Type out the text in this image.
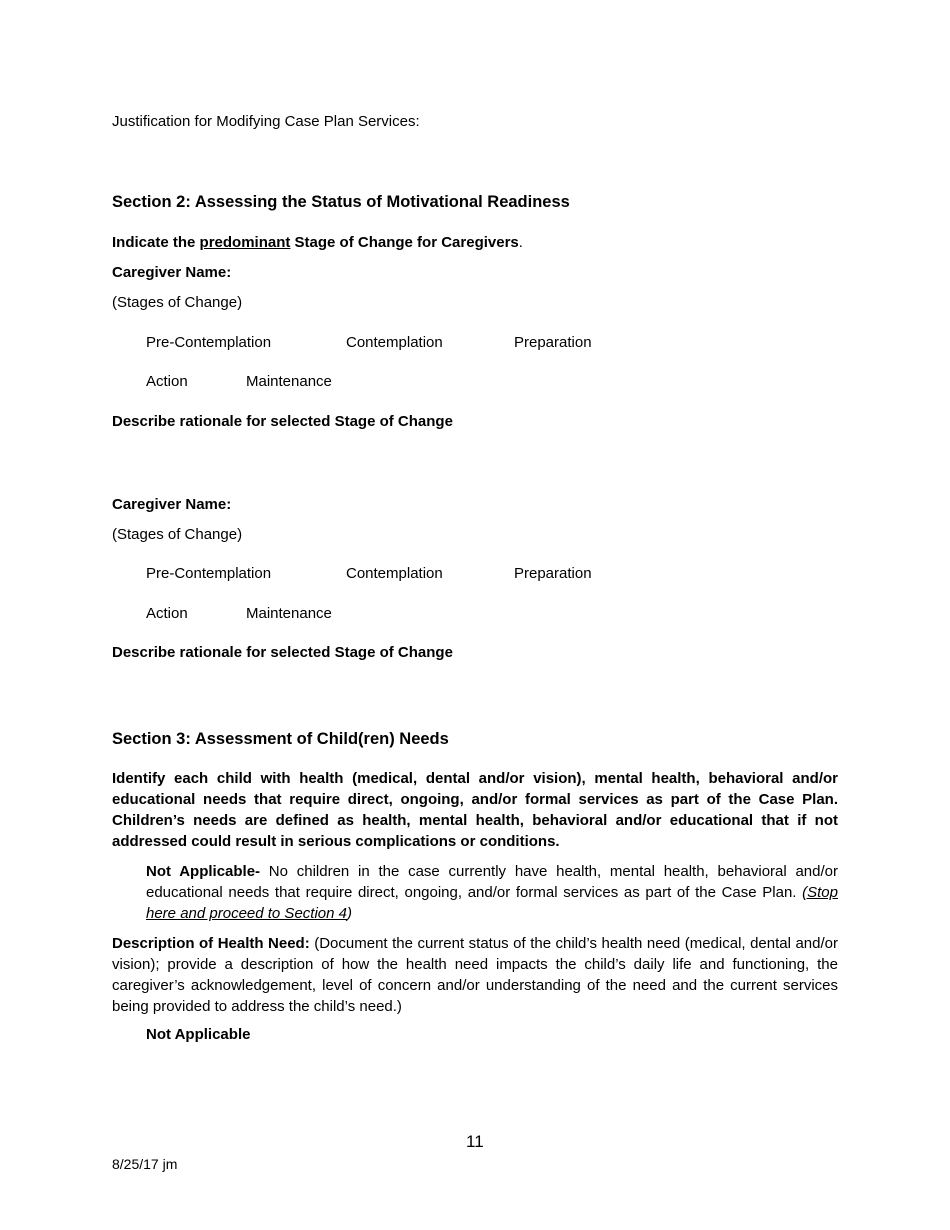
Justification for Modifying Case Plan Services:
Section 2: Assessing the Status of Motivational Readiness
Indicate the predominant Stage of Change for Caregivers.
Caregiver Name:
(Stages of Change)
Pre-Contemplation	Contemplation	Preparation
Action	Maintenance
Describe rationale for selected Stage of Change
Caregiver Name:
(Stages of Change)
Pre-Contemplation	Contemplation	Preparation
Action	Maintenance
Describe rationale for selected Stage of Change
Section 3: Assessment of Child(ren) Needs
Identify each child with health (medical, dental and/or vision), mental health, behavioral and/or educational needs that require direct, ongoing, and/or formal services as part of the Case Plan. Children’s needs are defined as health, mental health, behavioral and/or educational that if not addressed could result in serious complications or conditions.
Not Applicable- No children in the case currently have health, mental health, behavioral and/or educational needs that require direct, ongoing, and/or formal services as part of the Case Plan. (Stop here and proceed to Section 4)
Description of Health Need: (Document the current status of the child’s health need (medical, dental and/or vision); provide a description of how the health need impacts the child’s daily life and functioning, the caregiver’s acknowledgement, level of concern and/or understanding of the need and the current services being provided to address the child’s need.)
Not Applicable
11
8/25/17 jm
